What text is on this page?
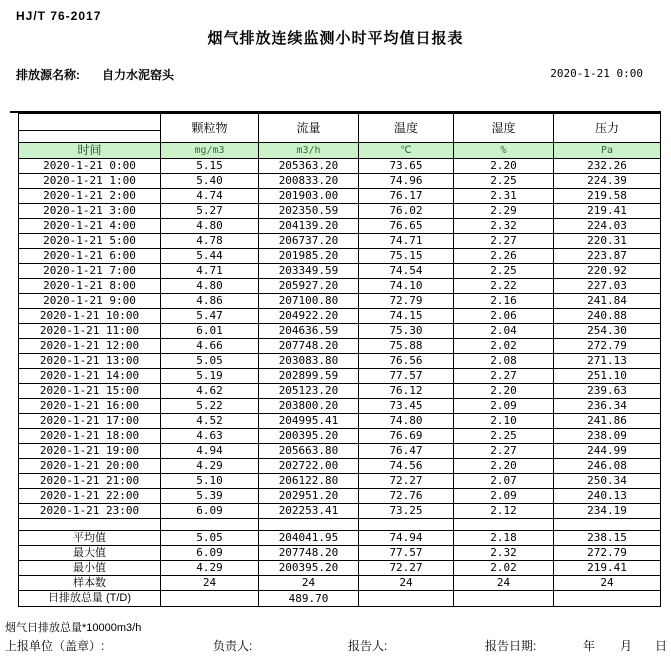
HJ/T 76-2017
烟气排放连续监测小时平均值日报表
排放源名称: 自力水泥窑头	2020-1-21 0:00
	颗粒物	流量	温度	湿度	压力

时间	mg/m3	m3/h	℃	%	Pa
2020-1-21 0:00	5.15	205363.20	73.65	2.20	232.26
2020-1-21 1:00	5.40	200833.20	74.96	2.25	224.39
2020-1-21 2:00	4.74	201903.00	76.17	2.31	219.58
2020-1-21 3:00	5.27	202350.59	76.02	2.29	219.41
2020-1-21 4:00	4.80	204139.20	76.65	2.32	224.03
2020-1-21 5:00	4.78	206737.20	74.71	2.27	220.31
2020-1-21 6:00	5.44	201985.20	75.15	2.26	223.87
2020-1-21 7:00	4.71	203349.59	74.54	2.25	220.92
2020-1-21 8:00	4.80	205927.20	74.10	2.22	227.03
2020-1-21 9:00	4.86	207100.80	72.79	2.16	241.84
2020-1-21 10:00	5.47	204922.20	74.15	2.06	240.88
2020-1-21 11:00	6.01	204636.59	75.30	2.04	254.30
2020-1-21 12:00	4.66	207748.20	75.88	2.02	272.79
2020-1-21 13:00	5.05	203083.80	76.56	2.08	271.13
2020-1-21 14:00	5.19	202899.59	77.57	2.27	251.10
2020-1-21 15:00	4.62	205123.20	76.12	2.20	239.63
2020-1-21 16:00	5.22	203800.20	73.45	2.09	236.34
2020-1-21 17:00	4.52	204995.41	74.80	2.10	241.86
2020-1-21 18:00	4.63	200395.20	76.69	2.25	238.09
2020-1-21 19:00	4.94	205663.80	76.47	2.27	244.99
2020-1-21 20:00	4.29	202722.00	74.56	2.20	246.08
2020-1-21 21:00	5.10	206122.80	72.27	2.07	250.34
2020-1-21 22:00	5.39	202951.20	72.76	2.09	240.13
2020-1-21 23:00	6.09	202253.41	73.25	2.12	234.19

平均值	5.05	204041.95	74.94	2.18	238.15
最大值	6.09	207748.20	77.57	2.32	272.79
最小值	4.29	200395.20	72.27	2.02	219.41
样本数	24	24	24	24	24
日排放总量 (T/D)		489.70			
烟气日排放总量*10000m3/h
上报单位（盖章）:	负责人:	报告人:	报告日期:	年 月 日
